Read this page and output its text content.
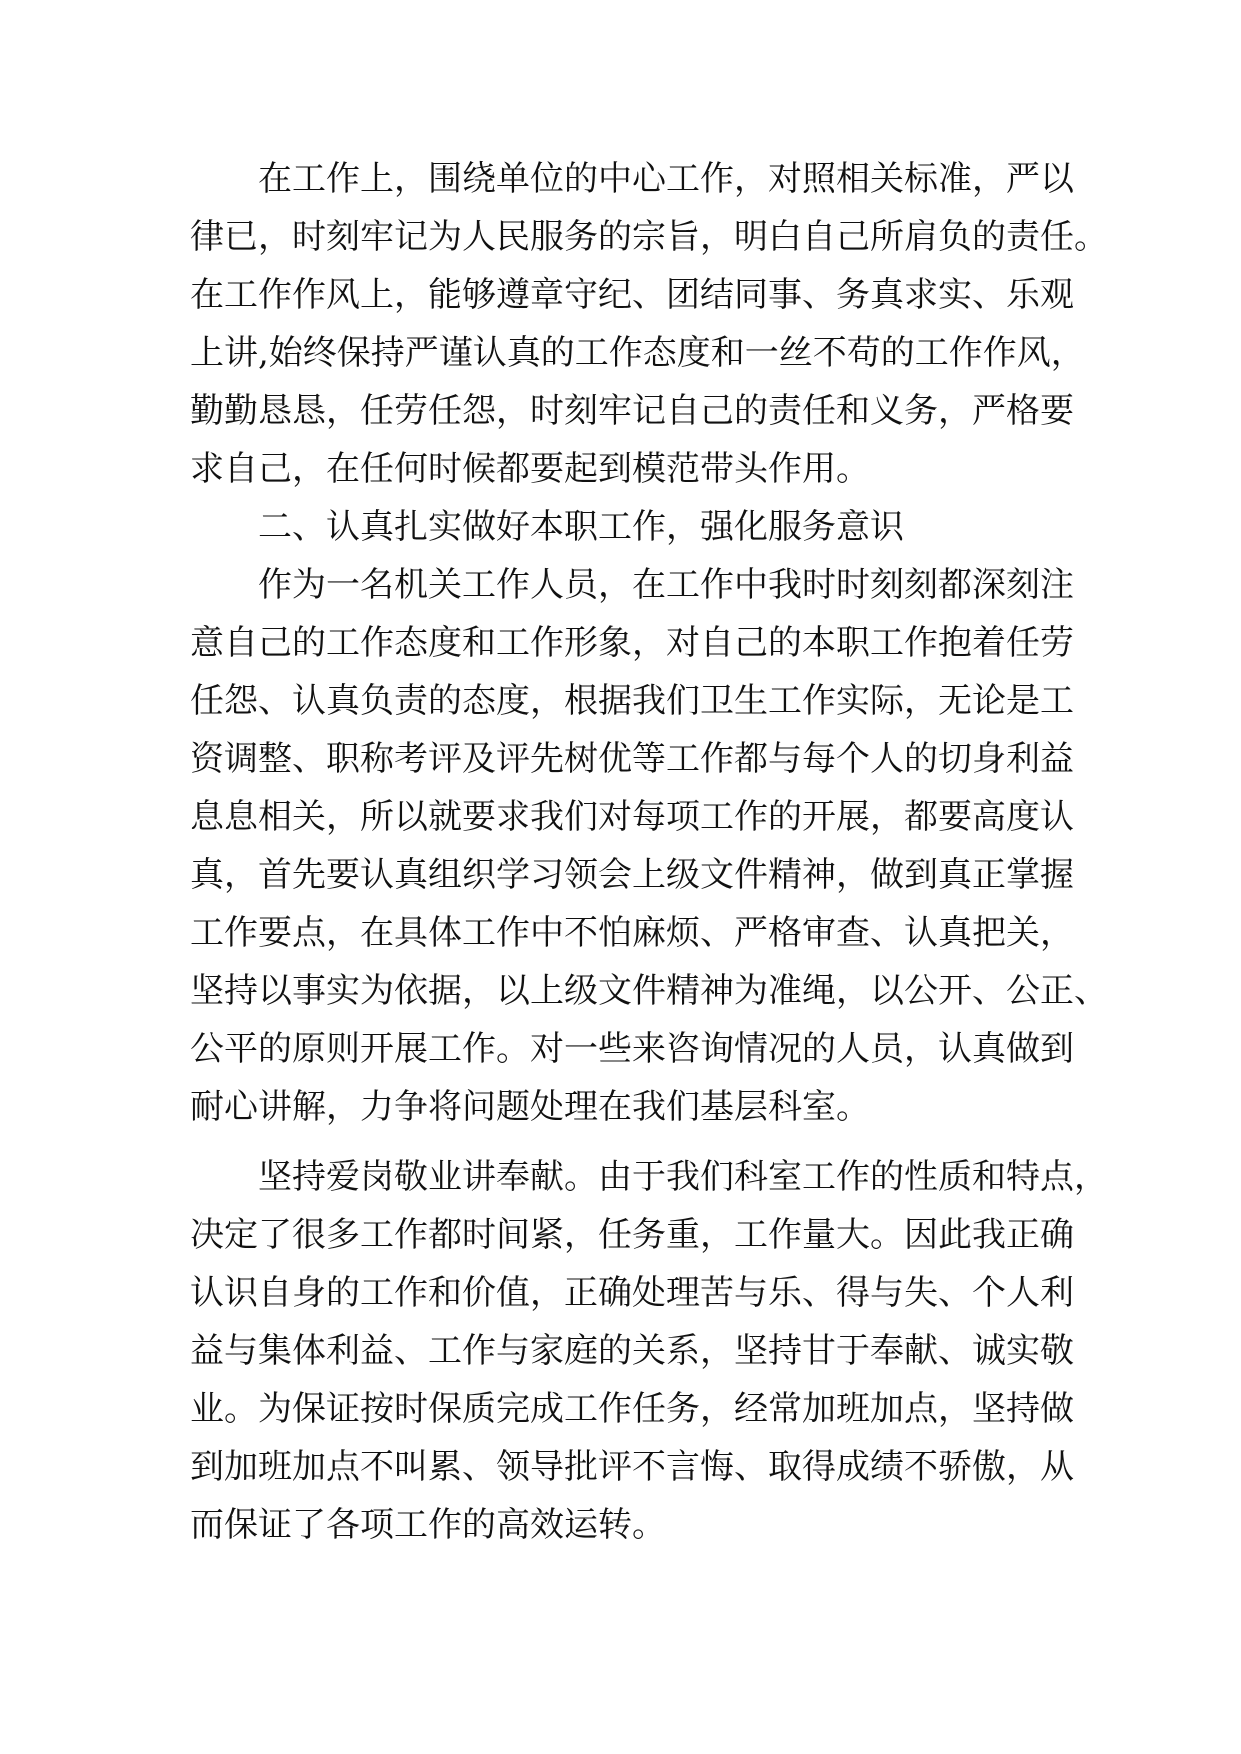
在工作上，围绕单位的中心工作，对照相关标准，严以
律已，时刻牢记为人民服务的宗旨，明白自己所肩负的责任。
在工作作风上，能够遵章守纪、团结同事、务真求实、乐观
上讲,始终保持严谨认真的工作态度和一丝不苟的工作作风，
勤勤恳恳，任劳任怨，时刻牢记自己的责任和义务，严格要
求自己，在任何时候都要起到模范带头作用。
二、认真扎实做好本职工作，强化服务意识
作为一名机关工作人员，在工作中我时时刻刻都深刻注
意自己的工作态度和工作形象，对自己的本职工作抱着任劳
任怨、认真负责的态度，根据我们卫生工作实际，无论是工
资调整、职称考评及评先树优等工作都与每个人的切身利益
息息相关，所以就要求我们对每项工作的开展，都要高度认
真，首先要认真组织学习领会上级文件精神，做到真正掌握
工作要点，在具体工作中不怕麻烦、严格审查、认真把关，
坚持以事实为依据，以上级文件精神为准绳，以公开、公正、
公平的原则开展工作。对一些来咨询情况的人员，认真做到
耐心讲解，力争将问题处理在我们基层科室。
坚持爱岗敬业讲奉献。由于我们科室工作的性质和特点，
决定了很多工作都时间紧，任务重，工作量大。因此我正确
认识自身的工作和价值，正确处理苦与乐、得与失、个人利
益与集体利益、工作与家庭的关系，坚持甘于奉献、诚实敬
业。为保证按时保质完成工作任务，经常加班加点，坚持做
到加班加点不叫累、领导批评不言悔、取得成绩不骄傲，从
而保证了各项工作的高效运转。
